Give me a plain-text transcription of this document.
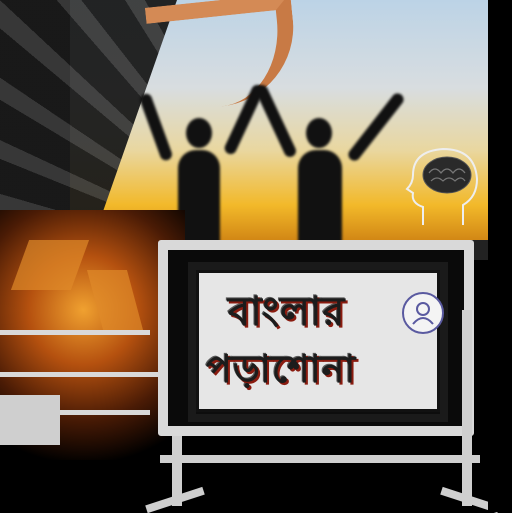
বাংলার
পড়াশোনা
